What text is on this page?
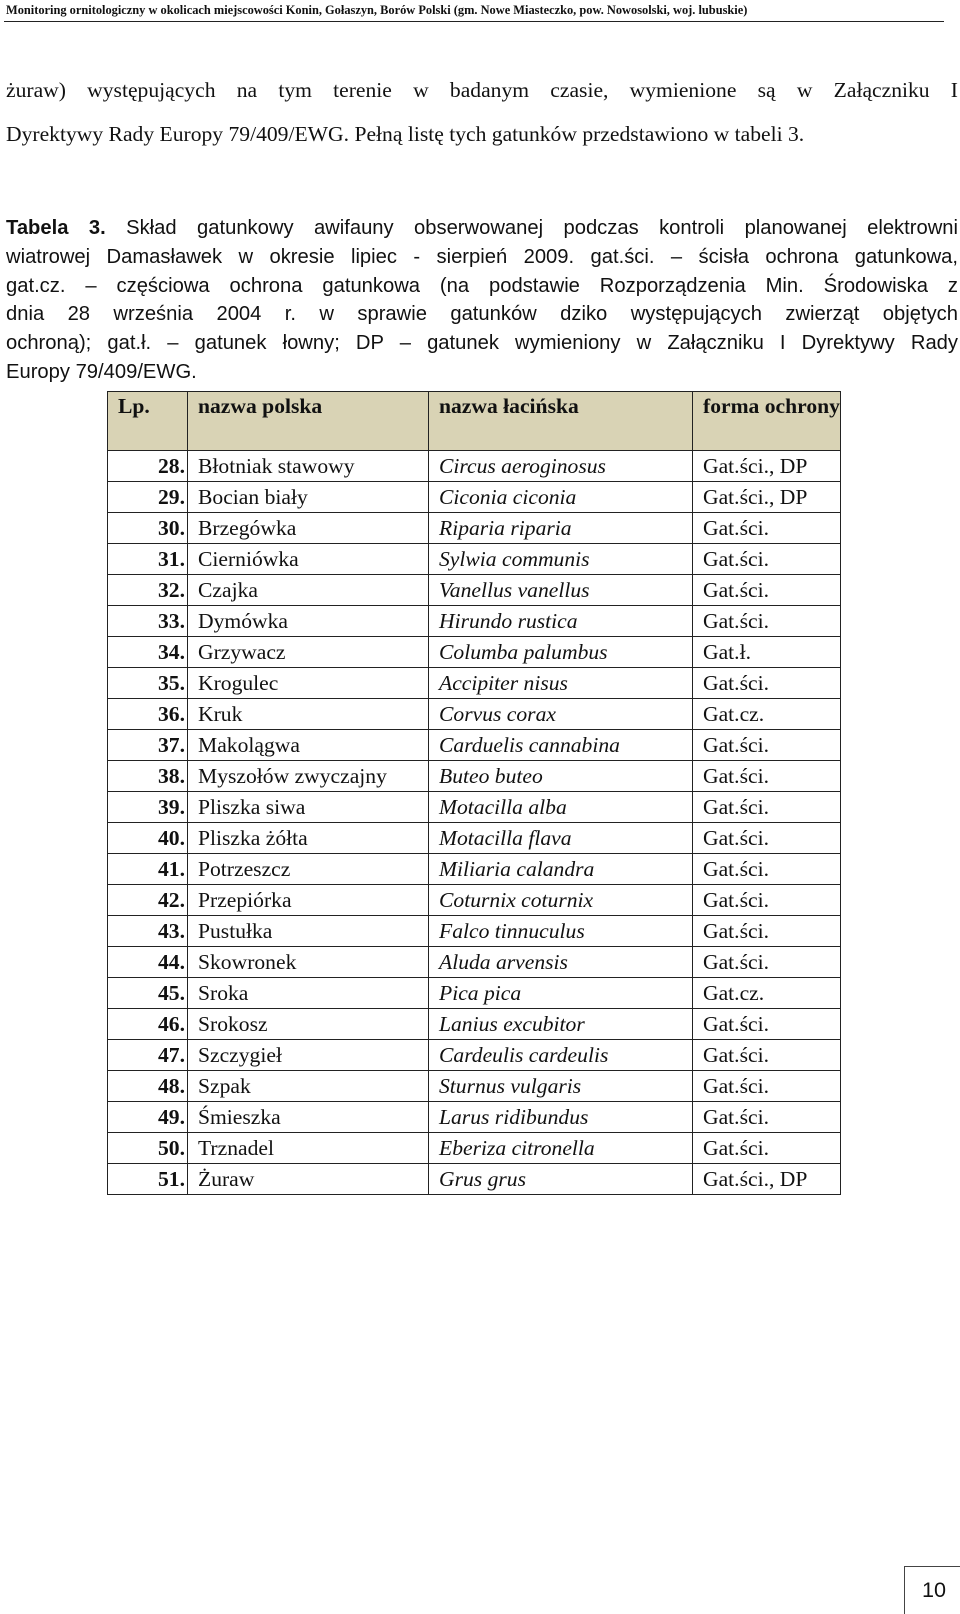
Monitoring ornitologiczny w okolicach miejscowości Konin, Gołaszyn, Borów Polski (gm. Nowe Miasteczko, pow. Nowosolski, woj. lubuskie)
żuraw) występujących na tym terenie w badanym czasie, wymienione są w Załączniku I
Dyrektywy Rady Europy 79/409/EWG. Pełną listę tych gatunków przedstawiono w tabeli 3.
Tabela 3. Skład gatunkowy awifauny obserwowanej podczas kontroli planowanej elektrowni
wiatrowej Damasławek w okresie lipiec - sierpień 2009. gat.ści. – ścisła ochrona gatunkowa,
gat.cz. – częściowa ochrona gatunkowa (na podstawie Rozporządzenia Min. Środowiska z
dnia 28 września 2004 r. w sprawie gatunków dziko występujących zwierząt objętych
ochroną); gat.ł. – gatunek łowny; DP – gatunek wymieniony w Załączniku I Dyrektywy Rady
Europy 79/409/EWG.
Lp.	nazwa polska	nazwa łacińska	forma ochrony
28.	Błotniak stawowy	Circus aeroginosus	Gat.ści., DP
29.	Bocian biały	Ciconia ciconia	Gat.ści., DP
30.	Brzegówka	Riparia riparia	Gat.ści.
31.	Cierniówka	Sylwia communis	Gat.ści.
32.	Czajka	Vanellus vanellus	Gat.ści.
33.	Dymówka	Hirundo rustica	Gat.ści.
34.	Grzywacz	Columba palumbus	Gat.ł.
35.	Krogulec	Accipiter nisus	Gat.ści.
36.	Kruk	Corvus corax	Gat.cz.
37.	Makolągwa	Carduelis cannabina	Gat.ści.
38.	Myszołów zwyczajny	Buteo buteo	Gat.ści.
39.	Pliszka siwa	Motacilla alba	Gat.ści.
40.	Pliszka żółta	Motacilla flava	Gat.ści.
41.	Potrzeszcz	Miliaria calandra	Gat.ści.
42.	Przepiórka	Coturnix coturnix	Gat.ści.
43.	Pustułka	Falco tinnuculus	Gat.ści.
44.	Skowronek	Aluda arvensis	Gat.ści.
45.	Sroka	Pica pica	Gat.cz.
46.	Srokosz	Lanius excubitor	Gat.ści.
47.	Szczygieł	Cardeulis cardeulis	Gat.ści.
48.	Szpak	Sturnus vulgaris	Gat.ści.
49.	Śmieszka	Larus ridibundus	Gat.ści.
50.	Trznadel	Eberiza citronella	Gat.ści.
51.	Żuraw	Grus grus	Gat.ści., DP
10
